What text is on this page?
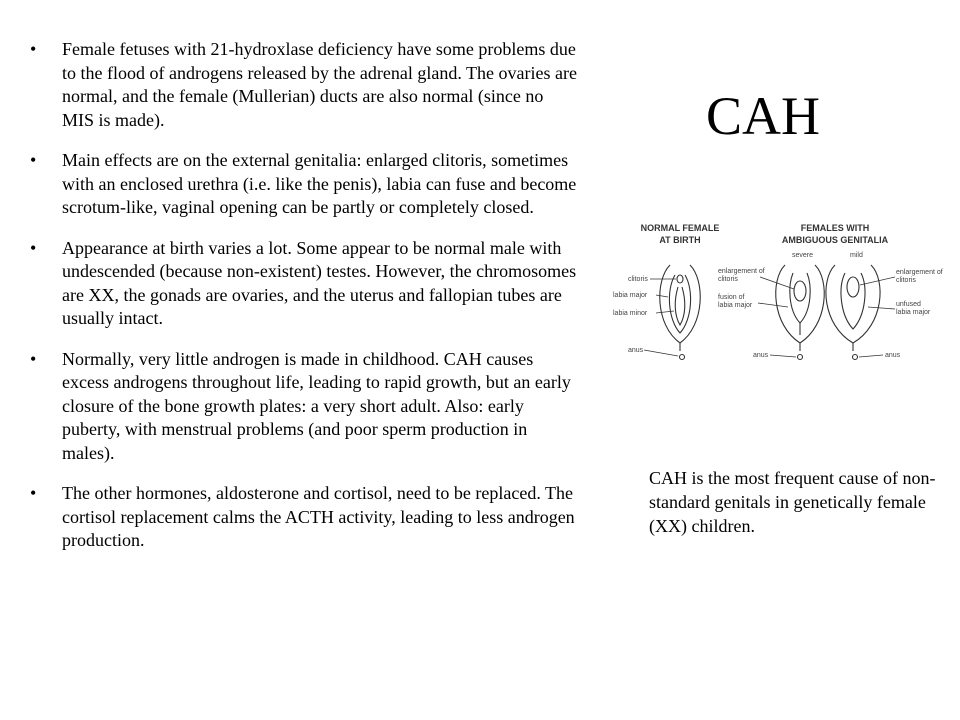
• Female fetuses with 21-hydroxlase deficiency have some problems due to the flood of androgens released by the adrenal gland. The ovaries are normal, and the female (Mullerian) ducts are also normal (since no MIS is made).
• Main effects are on the external genitalia: enlarged clitoris, sometimes with an enclosed urethra (i.e. like the penis), labia can fuse and become scrotum-like, vaginal opening can be partly or completely closed.
• Appearance at birth varies a lot. Some appear to be normal male with undescended (because non-existent) testes. However, the chromosomes are XX, the gonads are ovaries, and the uterus and fallopian tubes are usually intact.
• Normally, very little androgen is made in childhood. CAH causes excess androgens throughout life, leading to rapid growth, but an early closure of the bone growth plates: a very short adult. Also: early puberty, with menstrual problems (and poor sperm production in males).
• The other hormones, aldosterone and cortisol, need to be replaced. The cortisol replacement calms the ACTH activity, leading to less androgen production.
CAH
NORMAL FEMALE
AT BIRTH
FEMALES WITH
AMBIGUOUS GENITALIA
severe	mild
clitoris
labia major
labia minor
anus
enlargement of
clitoris
fusion of
labia major
anus
enlargement of
clitoris
unfused
labia major
anus

CAH is the most frequent cause of non-standard genitals in genetically female (XX) children.
